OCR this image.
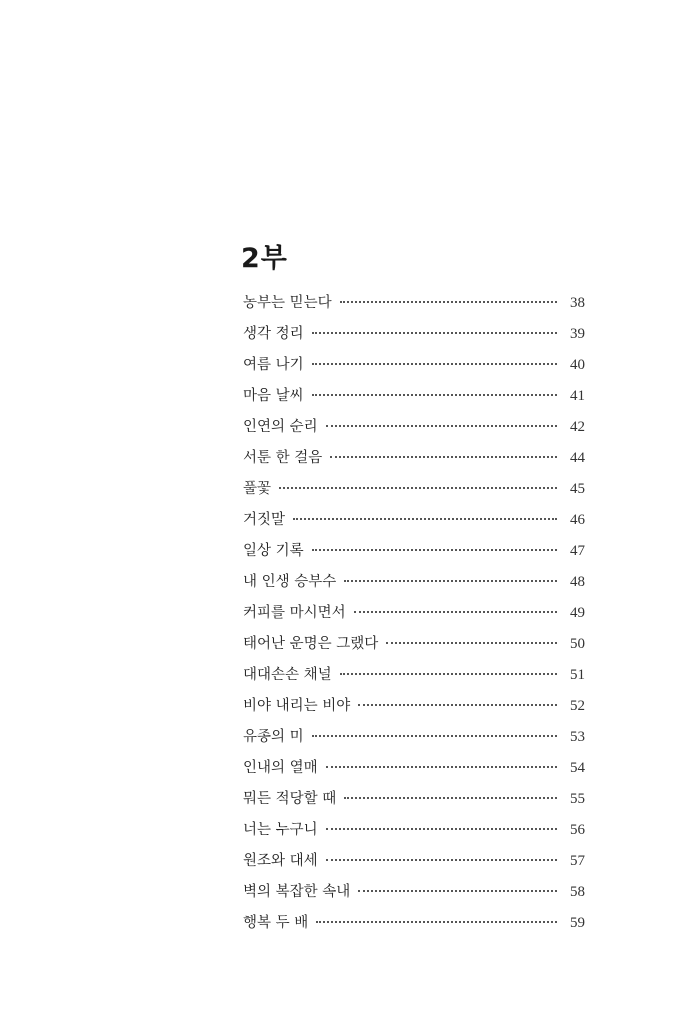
2부
농부는 믿는다	38
생각 정리	39
여름 나기	40
마음 날씨	41
인연의 순리	42
서툰 한 걸음	44
풀꽃	45
거짓말	46
일상 기록	47
내 인생 승부수	48
커피를 마시면서	49
태어난 운명은 그랬다	50
대대손손 채널	51
비야 내리는 비야	52
유종의 미	53
인내의 열매	54
뭐든 적당할 때	55
너는 누구니	56
원조와 대세	57
벽의 복잡한 속내	58
행복 두 배	59
